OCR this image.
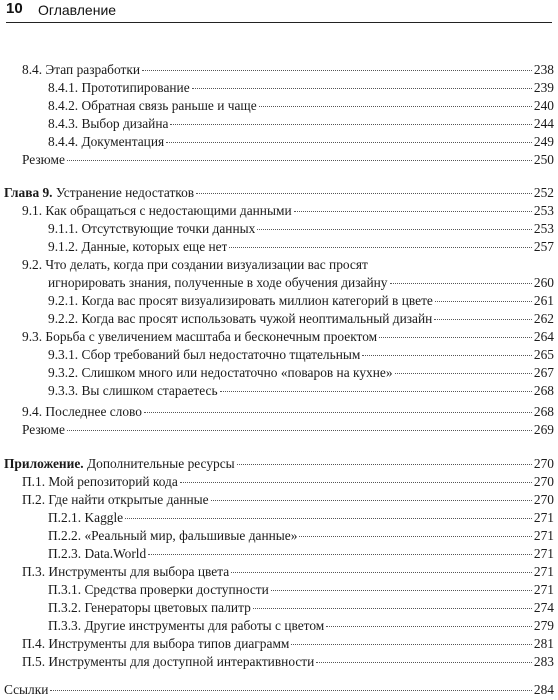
10 Оглавление
8.4. Этап разработки	238
8.4.1. Прототипирование	239
8.4.2. Обратная связь раньше и чаще	240
8.4.3. Выбор дизайна	244
8.4.4. Документация	249
Резюме	250
Глава 9. Устранение недостатков	252
9.1. Как обращаться с недостающими данными	253
9.1.1. Отсутствующие точки данных	253
9.1.2. Данные, которых еще нет	257
9.2. Что делать, когда при создании визуализации вас просят
игнорировать знания, полученные в ходе обучения дизайну	260
9.2.1. Когда вас просят визуализировать миллион категорий в цвете	261
9.2.2. Когда вас просят использовать чужой неоптимальный дизайн	262
9.3. Борьба с увеличением масштаба и бесконечным проектом	264
9.3.1. Сбор требований был недостаточно тщательным	265
9.3.2. Слишком много или недостаточно «поваров на кухне»	267
9.3.3. Вы слишком стараетесь	268
9.4. Последнее слово	268
Резюме	269
Приложение. Дополнительные ресурсы	270
П.1. Мой репозиторий кода	270
П.2. Где найти открытые данные	270
П.2.1. Kaggle	271
П.2.2. «Реальный мир, фальшивые данные»	271
П.2.3. Data.World	271
П.3. Инструменты для выбора цвета	271
П.3.1. Средства проверки доступности	271
П.3.2. Генераторы цветовых палитр	274
П.3.3. Другие инструменты для работы с цветом	279
П.4. Инструменты для выбора типов диаграмм	281
П.5. Инструменты для доступной интерактивности	283
Ссылки	284
